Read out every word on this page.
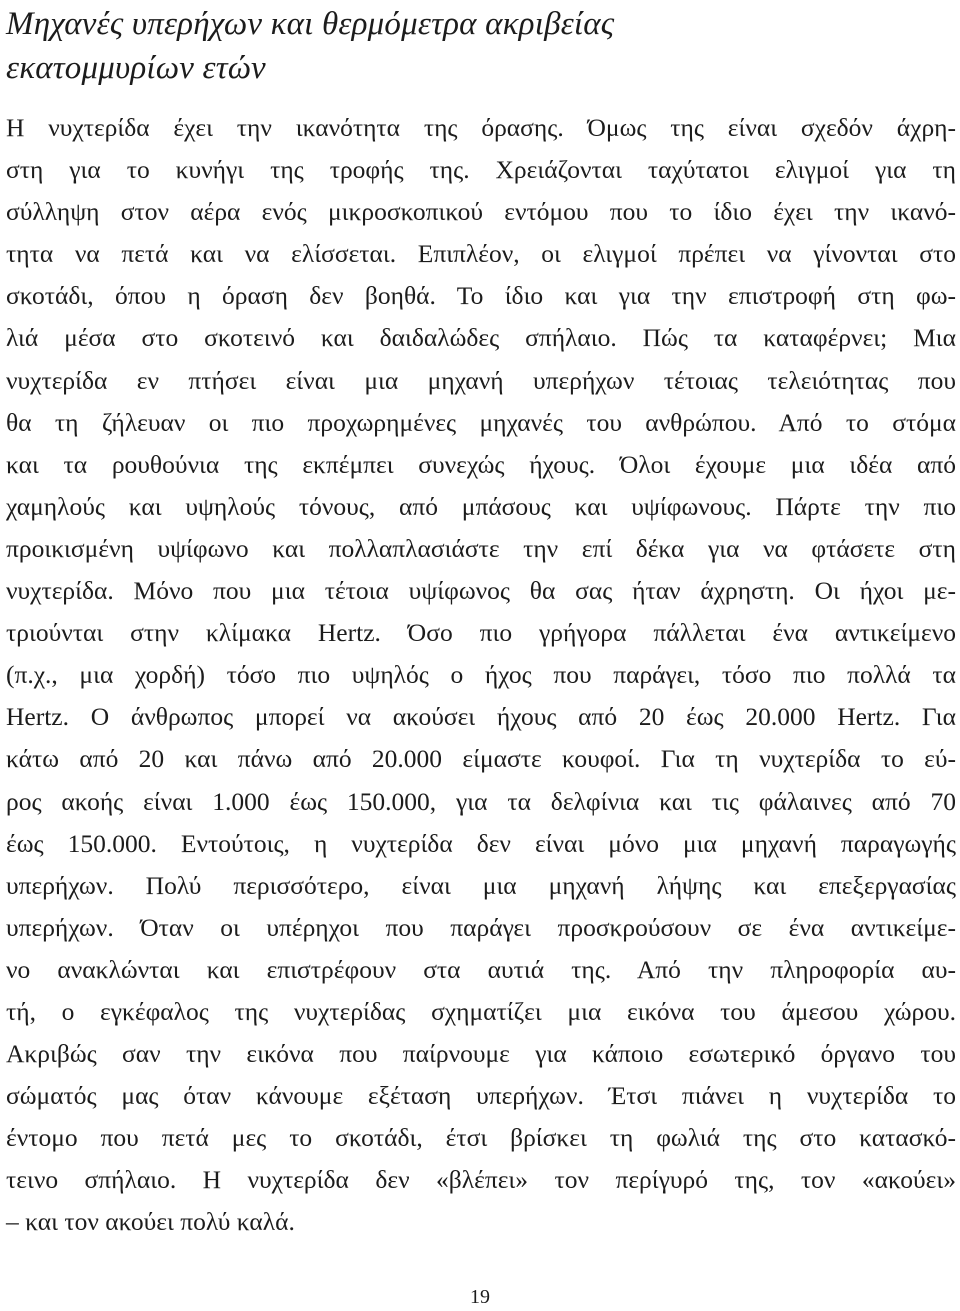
Μηχανές υπερήχων και θερμόμετρα ακριβείας
εκατομμυρίων ετών
Η νυχτερίδα έχει την ικανότητα της όρασης. Όμως της είναι σχεδόν άχρη-
στη για το κυνήγι της τροφής της. Χρειάζονται ταχύτατοι ελιγμοί για τη
σύλληψη στον αέρα ενός μικροσκοπικού εντόμου που το ίδιο έχει την ικανό-
τητα να πετά και να ελίσσεται. Επιπλέον, οι ελιγμοί πρέπει να γίνονται στο
σκοτάδι, όπου η όραση δεν βοηθά. Το ίδιο και για την επιστροφή στη φω-
λιά μέσα στο σκοτεινό και δαιδαλώδες σπήλαιο. Πώς τα καταφέρνει; Μια
νυχτερίδα εν πτήσει είναι μια μηχανή υπερήχων τέτοιας τελειότητας που
θα τη ζήλευαν οι πιο προχωρημένες μηχανές του ανθρώπου. Από το στόμα
και τα ρουθούνια της εκπέμπει συνεχώς ήχους. Όλοι έχουμε μια ιδέα από
χαμηλούς και υψηλούς τόνους, από μπάσους και υψίφωνους. Πάρτε την πιο
προικισμένη υψίφωνο και πολλαπλασιάστε την επί δέκα για να φτάσετε στη
νυχτερίδα. Μόνο που μια τέτοια υψίφωνος θα σας ήταν άχρηστη. Οι ήχοι με-
τριούνται στην κλίμακα Hertz. Όσο πιο γρήγορα πάλλεται ένα αντικείμενο
(π.χ., μια χορδή) τόσο πιο υψηλός ο ήχος που παράγει, τόσο πιο πολλά τα
Hertz. Ο άνθρωπος μπορεί να ακούσει ήχους από 20 έως 20.000 Hertz. Για
κάτω από 20 και πάνω από 20.000 είμαστε κουφοί. Για τη νυχτερίδα το εύ-
ρος ακοής είναι 1.000 έως 150.000, για τα δελφίνια και τις φάλαινες από 70
έως 150.000. Εντούτοις, η νυχτερίδα δεν είναι μόνο μια μηχανή παραγωγής
υπερήχων. Πολύ περισσότερο, είναι μια μηχανή λήψης και επεξεργασίας
υπερήχων. Όταν οι υπέρηχοι που παράγει προσκρούσουν σε ένα αντικείμε-
νο ανακλώνται και επιστρέφουν στα αυτιά της. Από την πληροφορία αυ-
τή, ο εγκέφαλος της νυχτερίδας σχηματίζει μια εικόνα του άμεσου χώρου.
Ακριβώς σαν την εικόνα που παίρνουμε για κάποιο εσωτερικό όργανο του
σώματός μας όταν κάνουμε εξέταση υπερήχων. Έτσι πιάνει η νυχτερίδα το
έντομο που πετά μες το σκοτάδι, έτσι βρίσκει τη φωλιά της στο κατασκό-
τεινο σπήλαιο. Η νυχτερίδα δεν «βλέπει» τον περίγυρό της, τον «ακούει»
– και τον ακούει πολύ καλά.
19
